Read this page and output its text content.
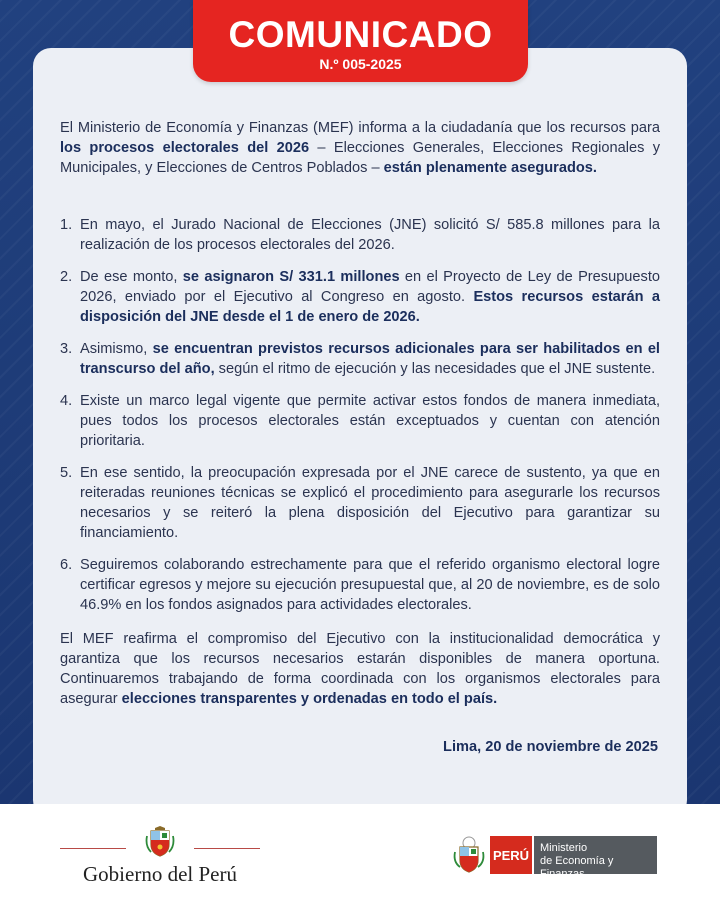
COMUNICADO
N.º 005-2025
El Ministerio de Economía y Finanzas (MEF) informa a la ciudadanía que los recursos para los procesos electorales del 2026 – Elecciones Generales, Elecciones Regionales y Municipales, y Elecciones de Centros Poblados – están plenamente asegurados.
1. En mayo, el Jurado Nacional de Elecciones (JNE) solicitó S/ 585.8 millones para la realización de los procesos electorales del 2026.
2. De ese monto, se asignaron S/ 331.1 millones en el Proyecto de Ley de Presupuesto 2026, enviado por el Ejecutivo al Congreso en agosto. Estos recursos estarán a disposición del JNE desde el 1 de enero de 2026.
3. Asimismo, se encuentran previstos recursos adicionales para ser habilitados en el transcurso del año, según el ritmo de ejecución y las necesidades que el JNE sustente.
4. Existe un marco legal vigente que permite activar estos fondos de manera inmediata, pues todos los procesos electorales están exceptuados y cuentan con atención prioritaria.
5. En ese sentido, la preocupación expresada por el JNE carece de sustento, ya que en reiteradas reuniones técnicas se explicó el procedimiento para asegurarle los recursos necesarios y se reiteró la plena disposición del Ejecutivo para garantizar su financiamiento.
6. Seguiremos colaborando estrechamente para que el referido organismo electoral logre certificar egresos y mejore su ejecución presupuestal que, al 20 de noviembre, es de solo 46.9% en los fondos asignados para actividades electorales.
El MEF reafirma el compromiso del Ejecutivo con la institucionalidad democrática y garantiza que los recursos necesarios estarán disponibles de manera oportuna. Continuaremos trabajando de forma coordinada con los organismos electorales para asegurar elecciones transparentes y ordenadas en todo el país.
Lima, 20 de noviembre de 2025
Gobierno del Perú
PERÚ Ministerio
de Economía y Finanzas
